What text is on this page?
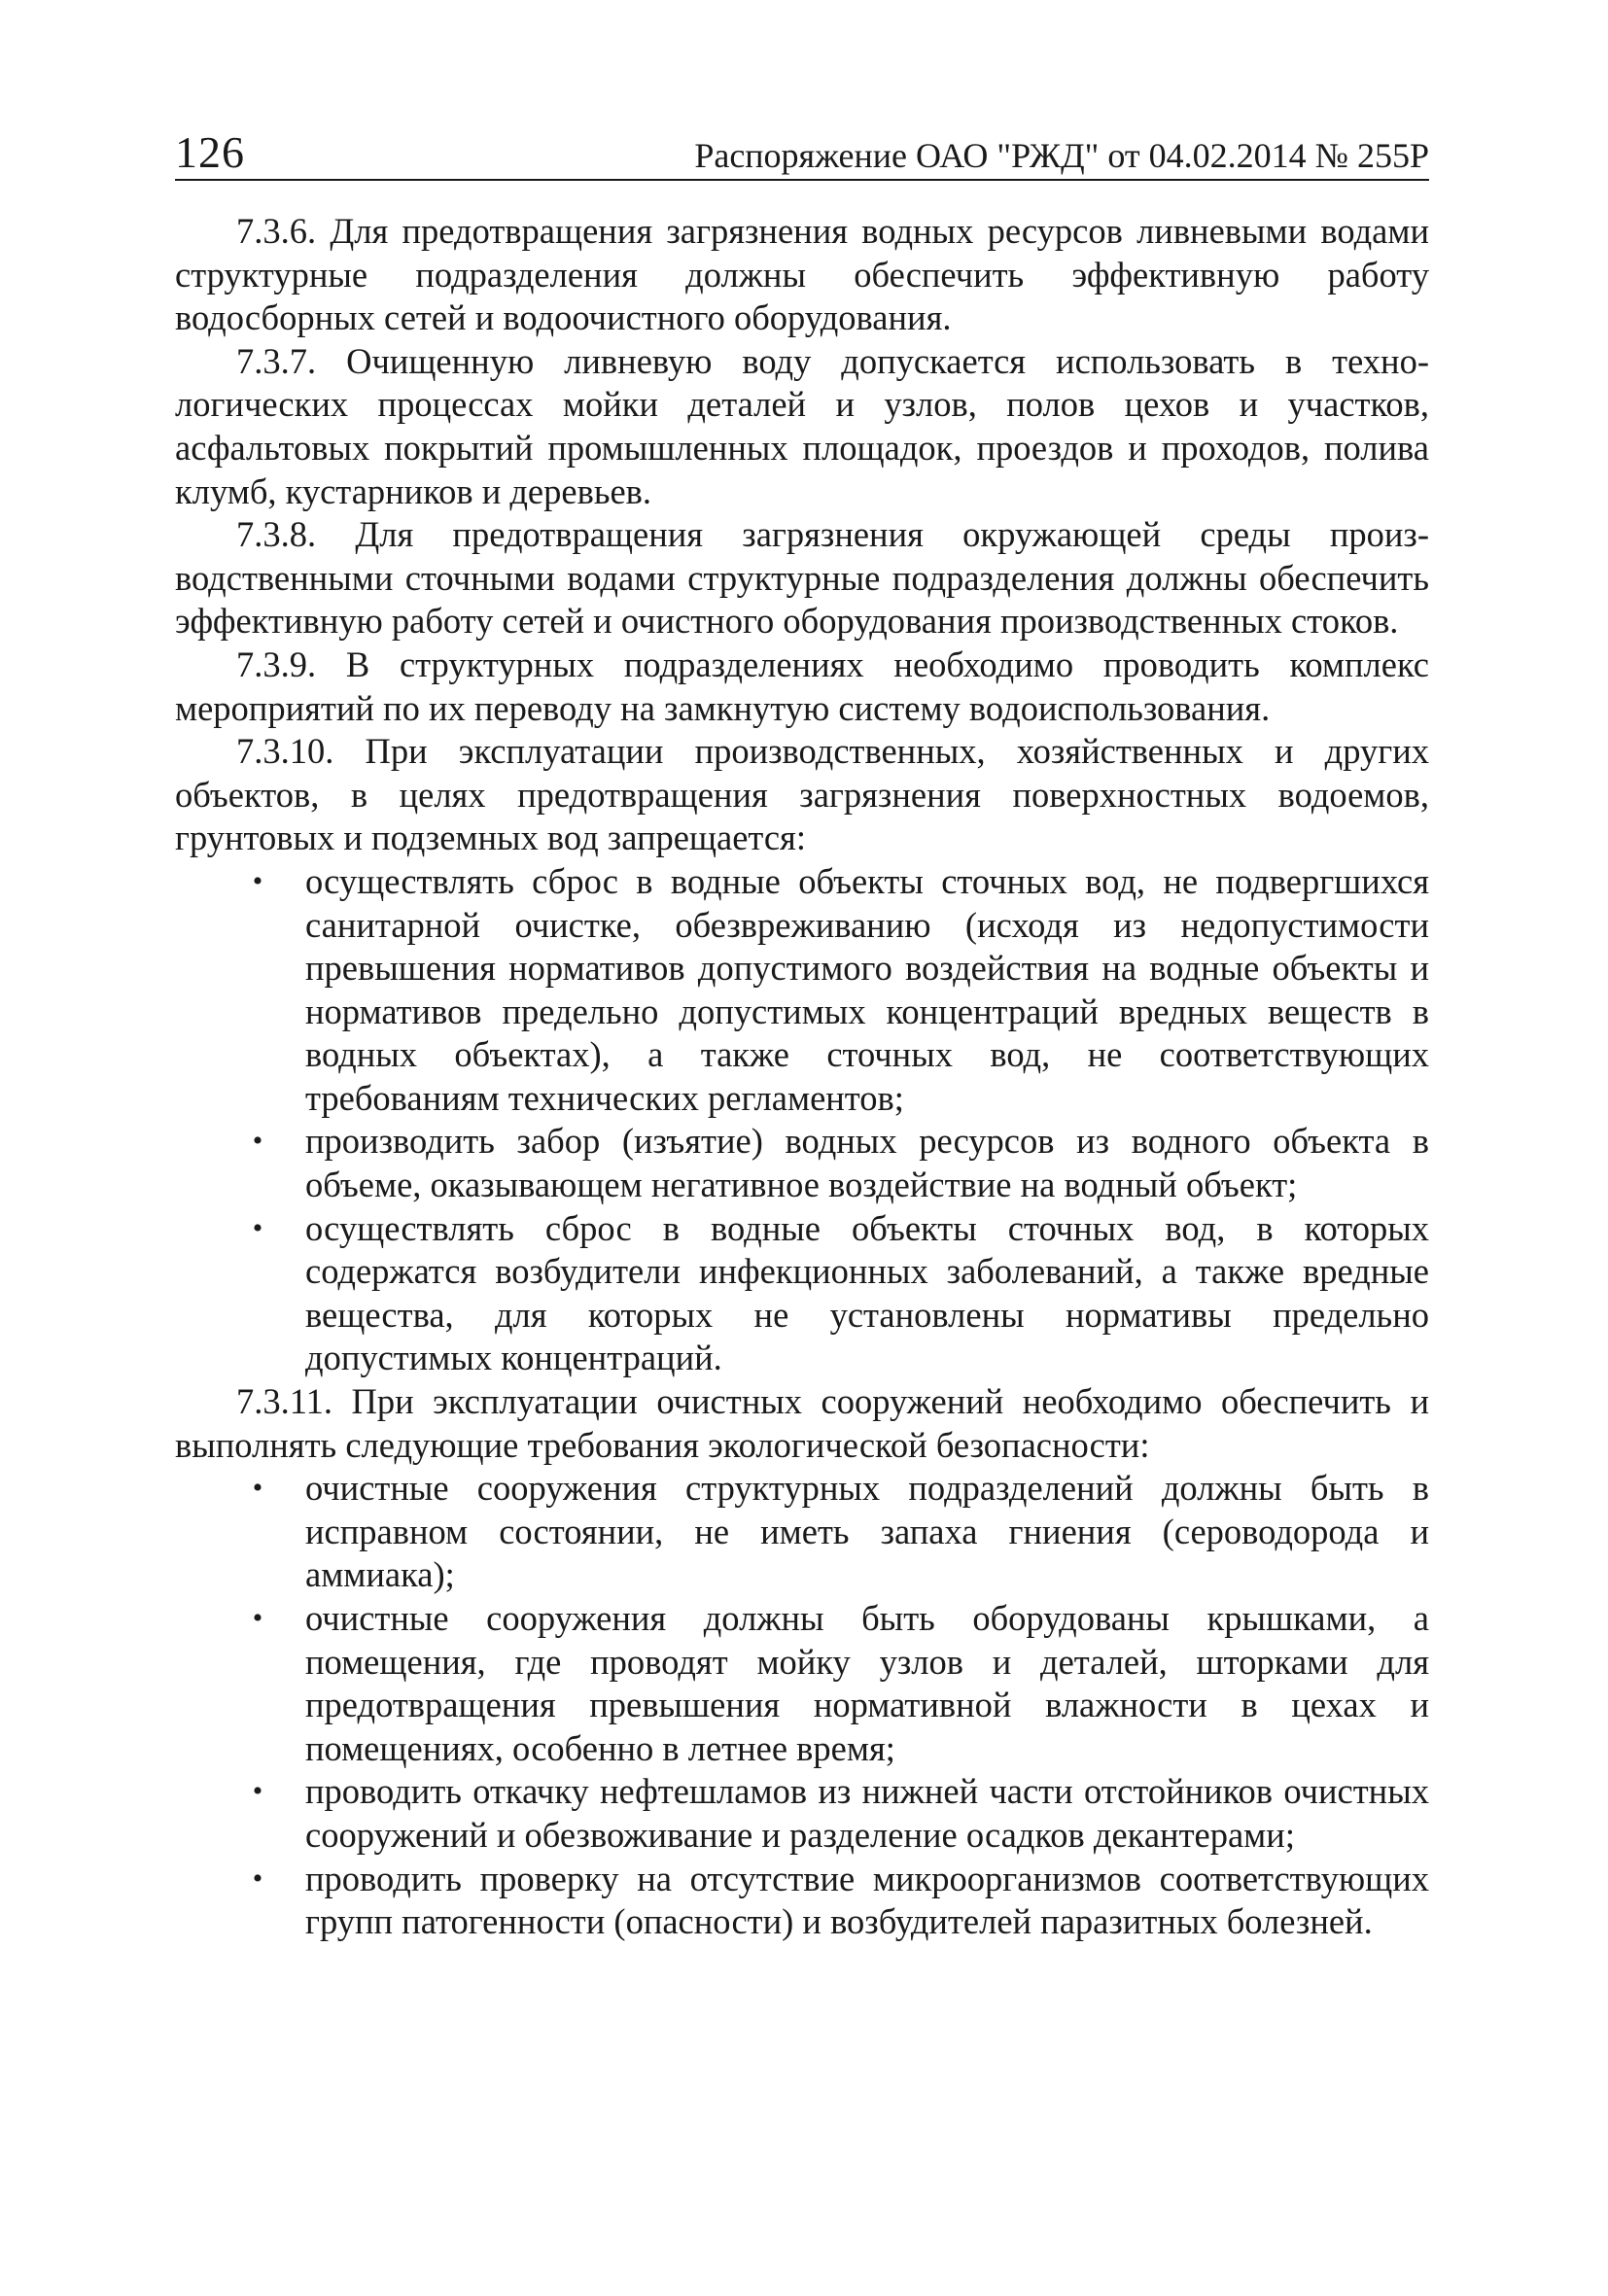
126	Распоряжение ОАО "РЖД" от 04.02.2014 № 255Р

7.3.6. Для предотвращения загрязнения водных ресурсов ливневыми водами структурные подразделения должны обеспечить эффективную работу водосборных сетей и водоочистного оборудования.

7.3.7. Очищенную ливневую воду допускается использовать в технологических процессах мойки деталей и узлов, полов цехов и участков, асфальтовых покрытий промышленных площадок, проездов и проходов, полива клумб, кустарников и деревьев.

7.3.8. Для предотвращения загрязнения окружающей среды производственными сточными водами структурные подразделения должны обеспечить эффективную работу сетей и очистного оборудования производственных стоков.

7.3.9. В структурных подразделениях необходимо проводить комплекс мероприятий по их переводу на замкнутую систему водоиспользования.

7.3.10. При эксплуатации производственных, хозяйственных и других объектов, в целях предотвращения загрязнения поверхностных водоемов, грунтовых и подземных вод запрещается:

• осуществлять сброс в водные объекты сточных вод, не подвергшихся санитарной очистке, обезвреживанию (исходя из недопустимости превышения нормативов допустимого воздействия на водные объекты и нормативов предельно допустимых концентраций вредных веществ в водных объектах), а также сточных вод, не соответствующих требованиям технических регламентов;
• производить забор (изъятие) водных ресурсов из водного объекта в объеме, оказывающем негативное воздействие на водный объект;
• осуществлять сброс в водные объекты сточных вод, в которых содержатся возбудители инфекционных заболеваний, а также вредные вещества, для которых не установлены нормативы предельно допустимых концентраций.

7.3.11. При эксплуатации очистных сооружений необходимо обеспечить и выполнять следующие требования экологической безопасности:

• очистные сооружения структурных подразделений должны быть в исправном состоянии, не иметь запаха гниения (сероводорода и аммиака);
• очистные сооружения должны быть оборудованы крышками, а помещения, где проводят мойку узлов и деталей, шторками для предотвращения превышения нормативной влажности в цехах и помещениях, особенно в летнее время;
• проводить откачку нефтешламов из нижней части отстойников очистных сооружений и обезвоживание и разделение осадков декантерами;
• проводить проверку на отсутствие микроорганизмов соответствующих групп патогенности (опасности) и возбудителей паразитных болезней.
